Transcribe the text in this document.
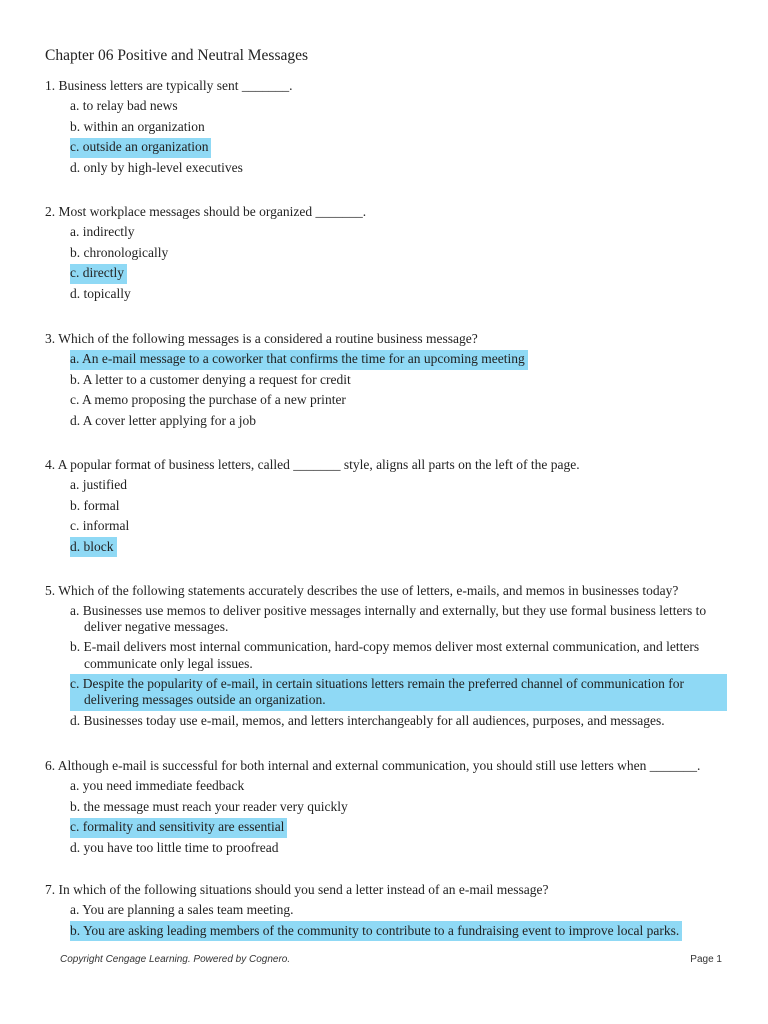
Chapter 06 Positive and Neutral Messages
1. Business letters are typically sent _______.
a. to relay bad news
b. within an organization
c. outside an organization
d. only by high-level executives
2. Most workplace messages should be organized _______.
a. indirectly
b. chronologically
c. directly
d. topically
3. Which of the following messages is a considered a routine business message?
a. An e-mail message to a coworker that confirms the time for an upcoming meeting
b. A letter to a customer denying a request for credit
c. A memo proposing the purchase of a new printer
d. A cover letter applying for a job
4. A popular format of business letters, called _______ style, aligns all parts on the left of the page.
a. justified
b. formal
c. informal
d. block
5. Which of the following statements accurately describes the use of letters, e-mails, and memos in businesses today?
a. Businesses use memos to deliver positive messages internally and externally, but they use formal business letters to deliver negative messages.
b. E-mail delivers most internal communication, hard-copy memos deliver most external communication, and letters communicate only legal issues.
c. Despite the popularity of e-mail, in certain situations letters remain the preferred channel of communication for delivering messages outside an organization.
d. Businesses today use e-mail, memos, and letters interchangeably for all audiences, purposes, and messages.
6. Although e-mail is successful for both internal and external communication, you should still use letters when _______.
a. you need immediate feedback
b. the message must reach your reader very quickly
c. formality and sensitivity are essential
d. you have too little time to proofread
7. In which of the following situations should you send a letter instead of an e-mail message?
a. You are planning a sales team meeting.
b. You are asking leading members of the community to contribute to a fundraising event to improve local parks.
Copyright Cengage Learning. Powered by Cognero.	Page 1
